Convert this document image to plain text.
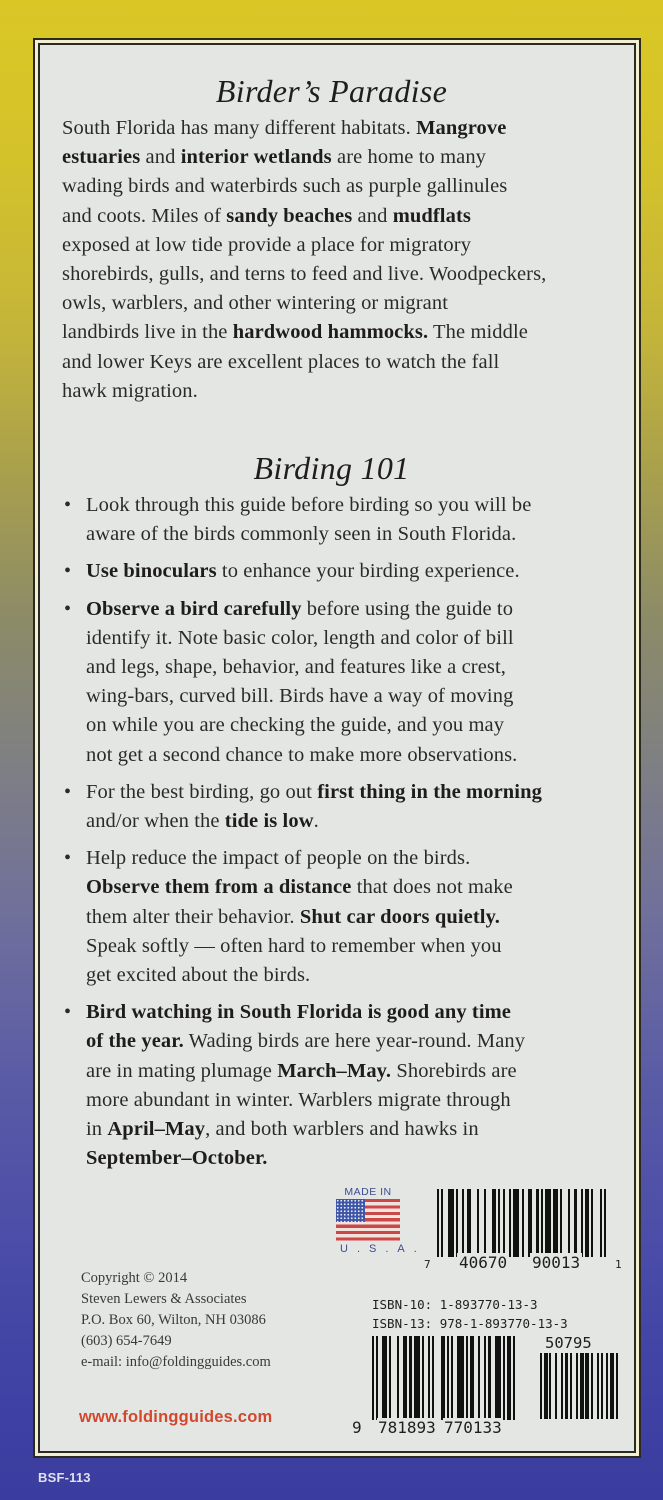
Birder’s Paradise
South Florida has many different habitats. Mangrove
estuaries and interior wetlands are home to many
wading birds and waterbirds such as purple gallinules
and coots. Miles of sandy beaches and mudflats
exposed at low tide provide a place for migratory
shorebirds, gulls, and terns to feed and live. Woodpeckers,
owls, warblers, and other wintering or migrant
landbirds live in the hardwood hammocks. The middle
and lower Keys are excellent places to watch the fall
hawk migration.
Birding 101
• Look through this guide before birding so you will be
aware of the birds commonly seen in South Florida.
• Use binoculars to enhance your birding experience.
• Observe a bird carefully before using the guide to
identify it. Note basic color, length and color of bill
and legs, shape, behavior, and features like a crest,
wing-bars, curved bill. Birds have a way of moving
on while you are checking the guide, and you may
not get a second chance to make more observations.
• For the best birding, go out first thing in the morning
and/or when the tide is low.
• Help reduce the impact of people on the birds.
Observe them from a distance that does not make
them alter their behavior. Shut car doors quietly.
Speak softly — often hard to remember when you
get excited about the birds.
• Bird watching in South Florida is good any time
of the year. Wading birds are here year-round. Many
are in mating plumage March–May. Shorebirds are
more abundant in winter. Warblers migrate through
in April–May, and both warblers and hawks in
September–October.
MADE IN
U.S.A.
7 40670 90013	1
ISBN-10: 1-893770-13-3
ISBN-13: 978-1-893770-13-3
50795
9 781893 770133
Copyright © 2014
Steven Lewers & Associates
P.O. Box 60, Wilton, NH 03086
(603) 654-7649
e-mail: info@foldingguides.com
www.foldingguides.com
BSF-113
